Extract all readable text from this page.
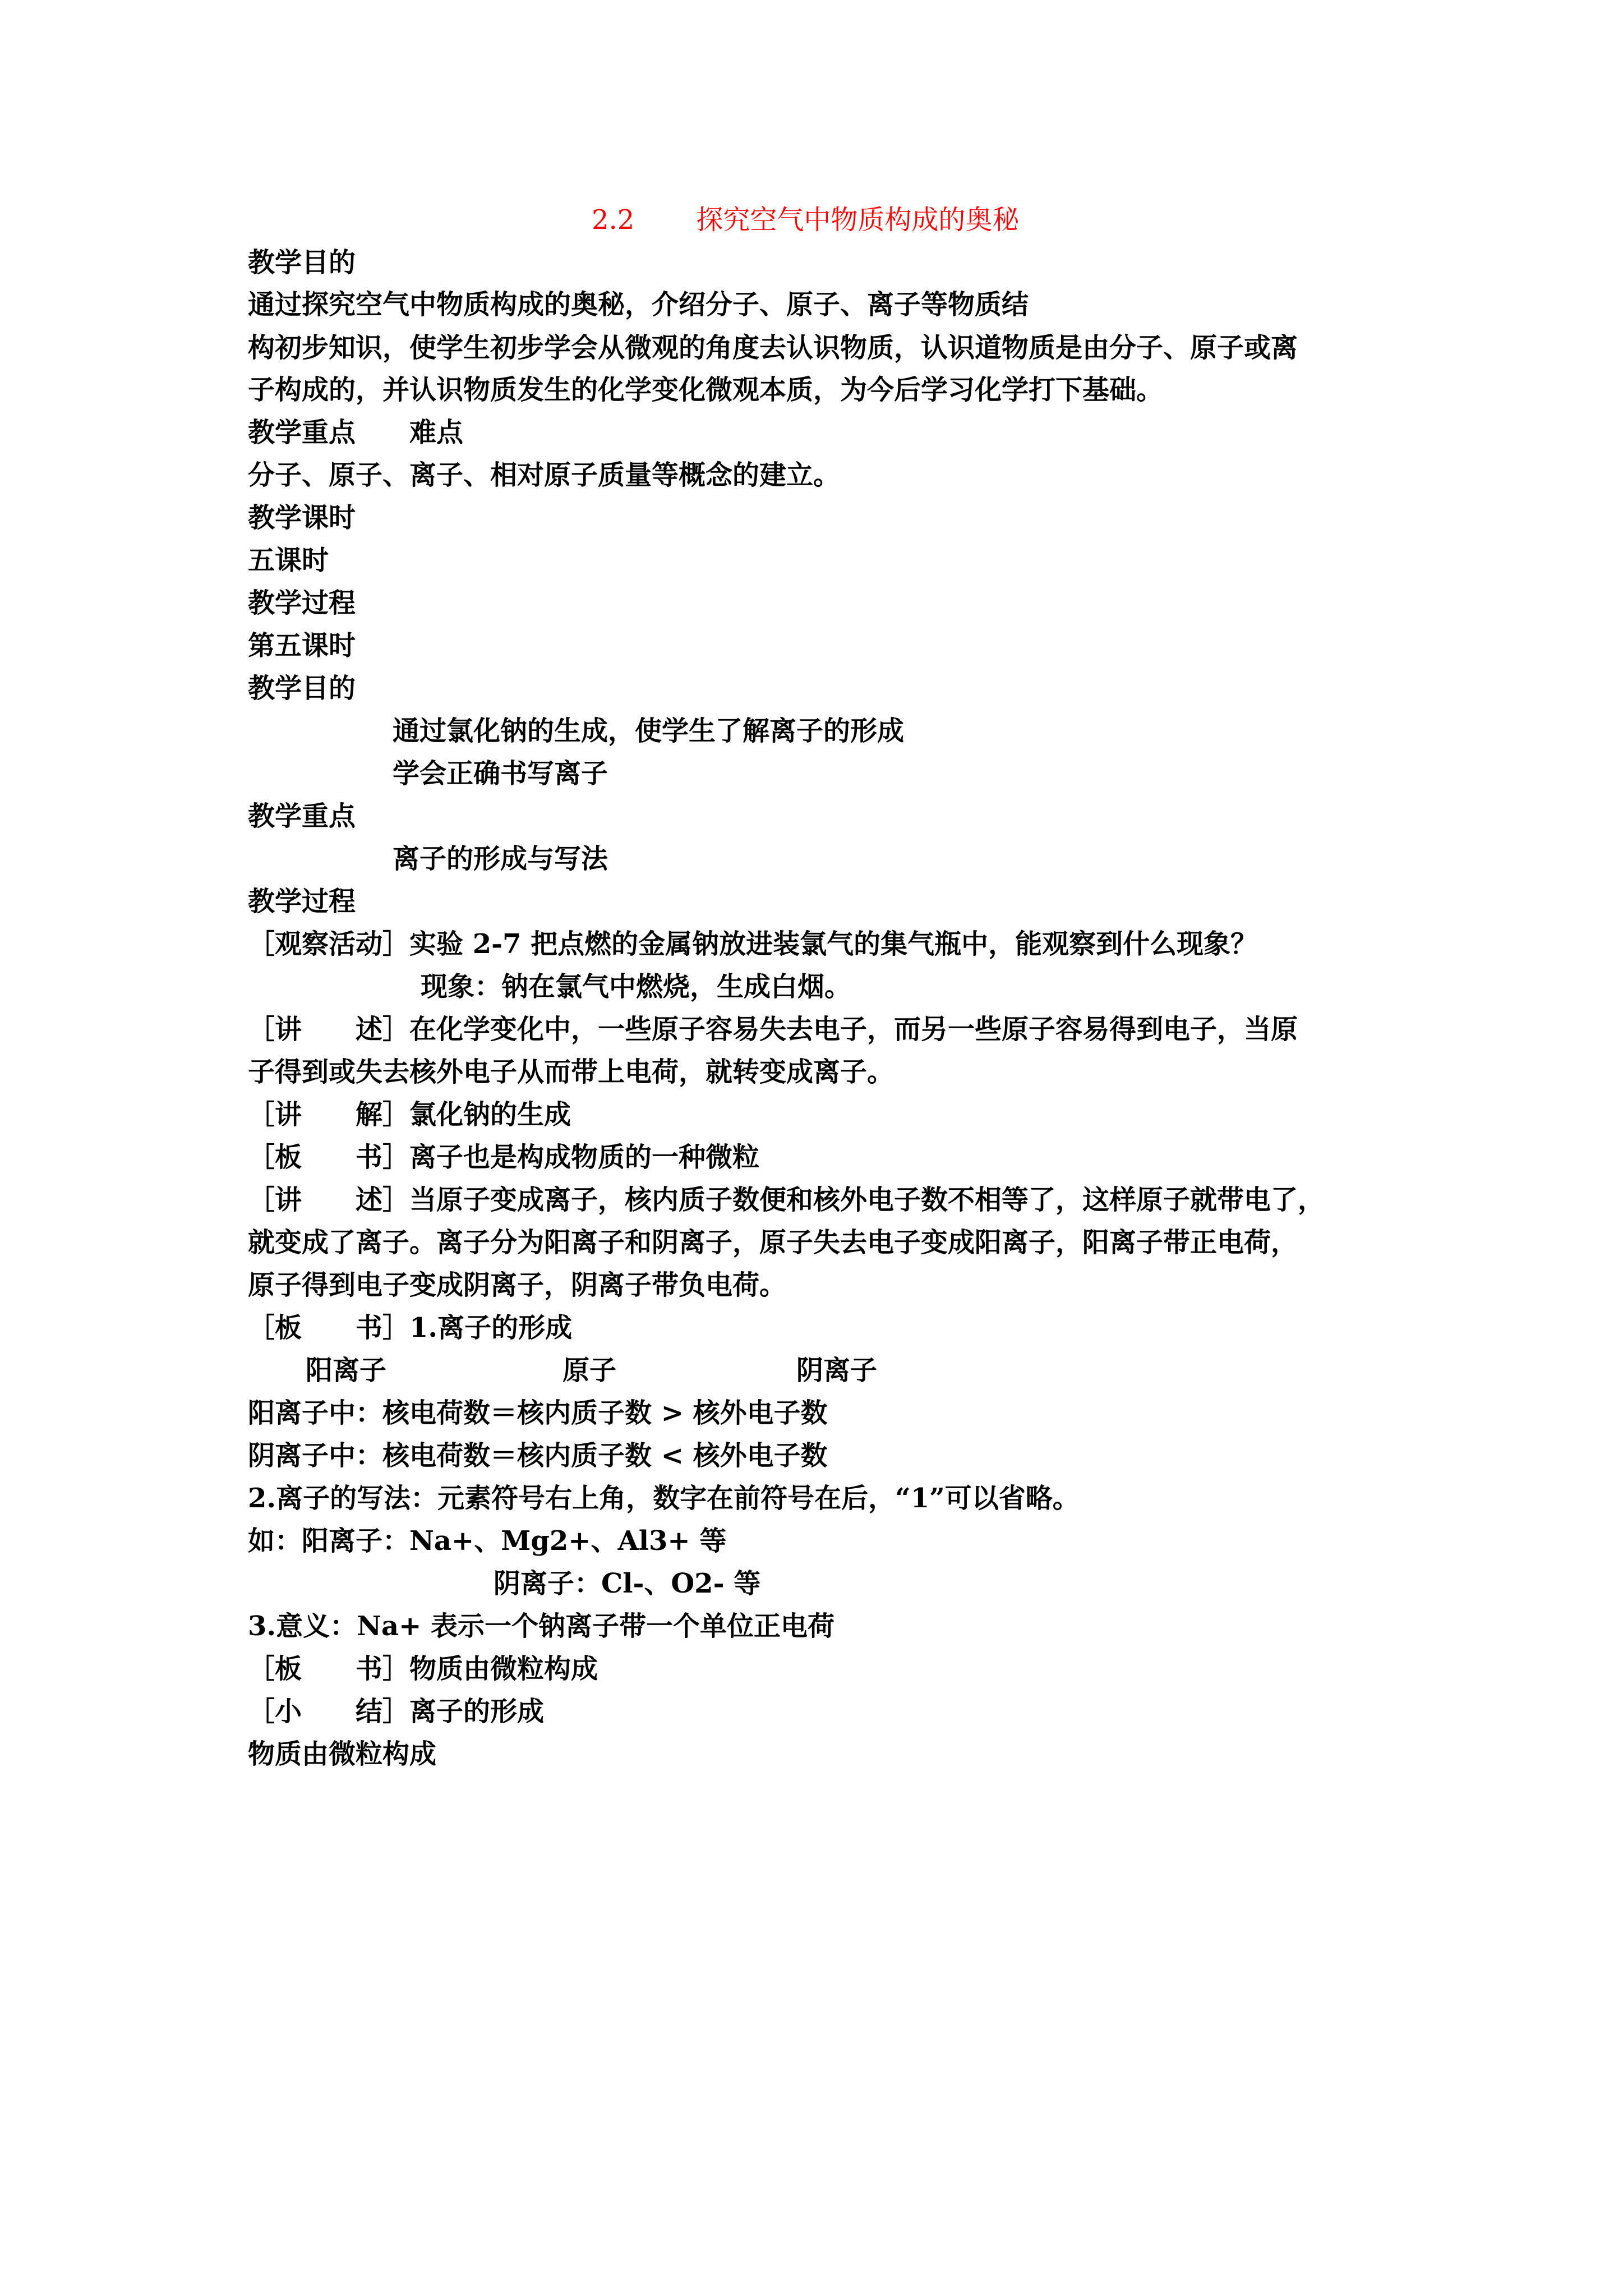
2.2 探究空气中物质构成的奥秘
教学目的
通过探究空气中物质构成的奥秘，介绍分子、原子、离子等物质结
构初步知识，使学生初步学会从微观的角度去认识物质，认识道物质是由分子、原子或离
子构成的，并认识物质发生的化学变化微观本质，为今后学习化学打下基础。
教学重点　　难点
分子、原子、离子、相对原子质量等概念的建立。
教学课时
五课时
教学过程
第五课时
教学目的
通过氯化钠的生成，使学生了解离子的形成
学会正确书写离子
教学重点
离子的形成与写法
教学过程
［观察活动］实验 2-7 把点燃的金属钠放进装氯气的集气瓶中，能观察到什么现象？
现象：钠在氯气中燃烧，生成白烟。
［讲　　述］在化学变化中，一些原子容易失去电子，而另一些原子容易得到电子，当原
子得到或失去核外电子从而带上电荷，就转变成离子。
［讲　　解］氯化钠的生成
［板　　书］离子也是构成物质的一种微粒
［讲　　述］当原子变成离子，核内质子数便和核外电子数不相等了，这样原子就带电了，
就变成了离子。离子分为阳离子和阴离子，原子失去电子变成阳离子，阳离子带正电荷，
原子得到电子变成阴离子，阴离子带负电荷。
［板　　书］1.离子的形成
阳离子	原子	阴离子
阳离子中：核电荷数＝核内质子数 > 核外电子数
阴离子中：核电荷数＝核内质子数 < 核外电子数
2.离子的写法：元素符号右上角，数字在前符号在后，“1”可以省略。
如：阳离子：Na+、Mg2+、Al3+ 等
阴离子：Cl-、O2- 等
3.意义：Na+ 表示一个钠离子带一个单位正电荷
［板　　书］物质由微粒构成
［小　　结］离子的形成
物质由微粒构成
